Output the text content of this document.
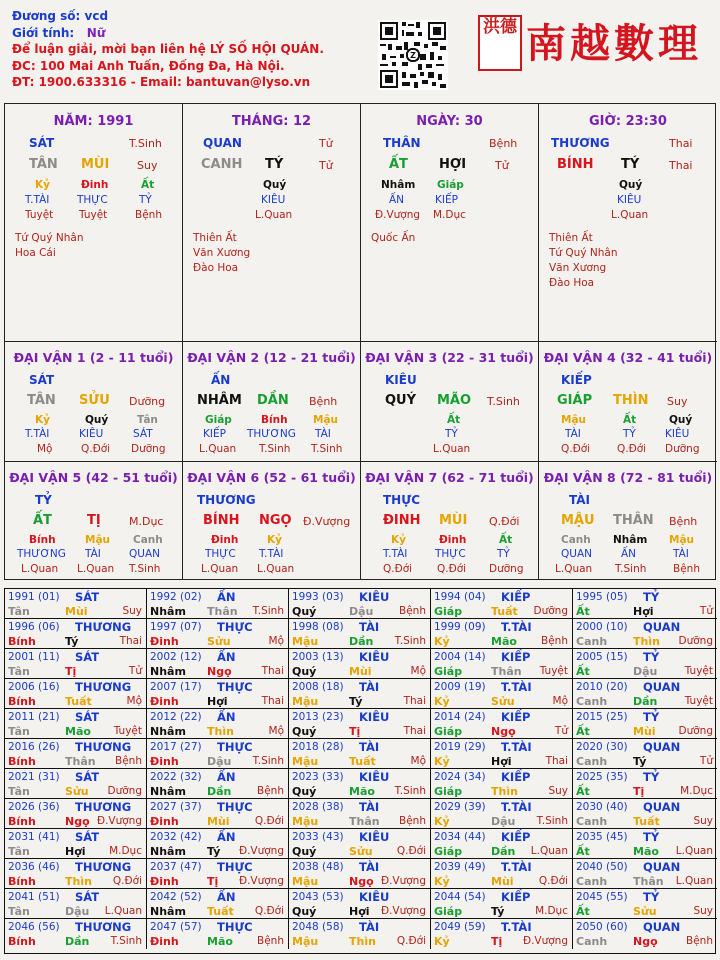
Đương số: vcd
Giới tính: Nữ
Để luận giải, mời bạn liên hệ LÝ SỐ HỘI QUÁN.
ĐC: 100 Mai Anh Tuấn, Đống Đa, Hà Nội.
ĐT: 1900.633316 - Email: bantuvan@lyso.vn
Z
洪德 南越數理
NĂM: 1991
SÁT	T.Sinh
TÂN MÙI	Suy
Kỷ	Đinh	Ất
T.TÀI	THỰC	TỶ
Tuyệt Tuyệt	Bệnh
Tứ Quý Nhân
Hoa Cái
THÁNG: 12
QUAN	Tử
CANH TÝ	Tử
Quý
KIÊU
L.Quan
Thiên Ất
Văn Xương
Đào Hoa
NGÀY: 30
THÂN	Bệnh
ẤT HỢI	Tử
Nhâm Giáp
ẤN	KIẾP
Đ.Vượng M.Dục
Quốc Ấn
GIỜ: 23:30
THƯƠNG	Thai
BÍNH TÝ	Thai
Quý
KIÊU
L.Quan
Thiên Ất
Tứ Quý Nhân
Văn Xương
Đào Hoa
ĐẠI VẬN 1 (2 - 11 tuổi)
SÁT
TÂN SỬU Dưỡng
Kỷ	Quý	Tân
T.TÀI	KIÊU	SÁT
Mộ	Q.Đới Dưỡng
ĐẠI VẬN 2 (12 - 21 tuổi)
ẤN
NHÂM DẦN Bệnh
Giáp	Bính Mậu
KIẾP THƯƠNG TÀI
L.Quan T.Sinh T.Sinh
ĐẠI VẬN 3 (22 - 31 tuổi)
KIÊU
QUÝ MÃO T.Sinh
Ất
TỶ
L.Quan
ĐẠI VẬN 4 (32 - 41 tuổi)
KIẾP
GIÁP THÌN Suy
Mậu	Ất	Quý
TÀI	TỶ	KIÊU
Q.Đới	Q.Đới Dưỡng
ĐẠI VẬN 5 (42 - 51 tuổi)
TỶ
ẤT	TỊ	M.Dục
Bính	Mậu Canh
THƯƠNG TÀI	QUAN
L.Quan L.Quan T.Sinh
ĐẠI VẬN 6 (52 - 61 tuổi)
THƯƠNG
BÍNH NGỌ Đ.Vượng
Đinh	Kỷ
THỰC T.TÀI
L.Quan L.Quan
ĐẠI VẬN 7 (62 - 71 tuổi)
THỰC
ĐINH MÙI Q.Đới
Kỷ	Đinh	Ất
T.TÀI	THỰC	TỶ
Q.Đới Q.Đới Dưỡng
ĐẠI VẬN 8 (72 - 81 tuổi)
TÀI
MẬU THÂN Bệnh
Canh Nhâm Mậu
QUAN	ẤN	TÀI
L.Quan T.Sinh	Bệnh
1991 (01) SÁT
Tân	Mùi	Suy
1992 (02) ẤN
Nhâm Thân T.Sinh
1993 (03) KIÊU
Quý	Dậu Bệnh
1994 (04) KIẾP
Giáp	Tuất Dưỡng
1995 (05) TỶ
Ất	Hợi	Tử
1996 (06) THƯƠNG
Bính	Tý	Thai
1997 (07) THỰC
Đinh	Sửu	Mộ
1998 (08) TÀI
Mậu	Dần T.Sinh
1999 (09) T.TÀI
Kỷ	Mão Bệnh
2000 (10) QUAN
Canh Thìn Dưỡng
2001 (11) SÁT
Tân	Tị	Tử
2002 (12) ẤN
Nhâm Ngọ	Thai
2003 (13) KIÊU
Quý	Mùi	Mộ
2004 (14) KIẾP
Giáp	Thân Tuyệt
2005 (15) TỶ
Ất	Dậu	Tuyệt
2006 (16) THƯƠNG
Bính	Tuất	Mộ
2007 (17) THỰC
Đinh	Hợi	Thai
2008 (18) TÀI
Mậu	Tý	Thai
2009 (19) T.TÀI
Kỷ	Sửu	Mộ
2010 (20) QUAN
Canh Dần	Tuyệt
2011 (21) SÁT
Tân	Mão Tuyệt
2012 (22) ẤN
Nhâm Thìn	Mộ
2013 (23) KIÊU
Quý	Tị	Thai
2014 (24) KIẾP
Giáp	Ngọ	Tử
2015 (25) TỶ
Ất	Mùi Dưỡng
2016 (26) THƯƠNG
Bính	Thân Bệnh
2017 (27) THỰC
Đinh	Dậu T.Sinh
2018 (28) TÀI
Mậu	Tuất	Mộ
2019 (29) T.TÀI
Kỷ	Hợi	Thai
2020 (30) QUAN
Canh Tý	Tử
2021 (31) SÁT
Tân	Sửu Dưỡng
2022 (32) ẤN
Nhâm Dần Bệnh
2023 (33) KIÊU
Quý	Mão T.Sinh
2024 (34) KIẾP
Giáp	Thìn	Suy
2025 (35) TỶ
Ất	Tị	M.Dục
2026 (36) THƯƠNG
Bính	Ngọ Đ.Vượng
2027 (37) THỰC
Đinh	Mùi Q.Đới
2028 (38) TÀI
Mậu	Thân Bệnh
2029 (39) T.TÀI
Kỷ	Dậu T.Sinh
2030 (40) QUAN
Canh Tuất	Suy
2031 (41) SÁT
Tân	Hợi M.Dục
2032 (42) ẤN
Nhâm Tý Đ.Vượng
2033 (43) KIÊU
Quý	Sửu Q.Đới
2034 (44) KIẾP
Giáp	Dần L.Quan
2035 (45) TỶ
Ất	Mão L.Quan
2036 (46) THƯƠNG
Bính	Thìn Q.Đới
2037 (47) THỰC
Đinh	Tị Đ.Vượng
2038 (48) TÀI
Mậu	Ngọ Đ.Vượng
2039 (49) T.TÀI
Kỷ	Mùi Q.Đới
2040 (50) QUAN
Canh Thân L.Quan
2041 (51) SÁT
Tân	Dậu L.Quan
2042 (52) ẤN
Nhâm Tuất Q.Đới
2043 (53) KIÊU
Quý	Hợi Đ.Vượng
2044 (54) KIẾP
Giáp	Tý	M.Dục
2045 (55) TỶ
Ất	Sửu	Suy
2046 (56) THƯƠNG
Bính	Dần T.Sinh
2047 (57) THỰC
Đinh	Mão Bệnh
2048 (58) TÀI
Mậu	Thìn Q.Đới
2049 (59) T.TÀI
Kỷ	Tị Đ.Vượng
2050 (60) QUAN
Canh Ngọ	Bệnh
